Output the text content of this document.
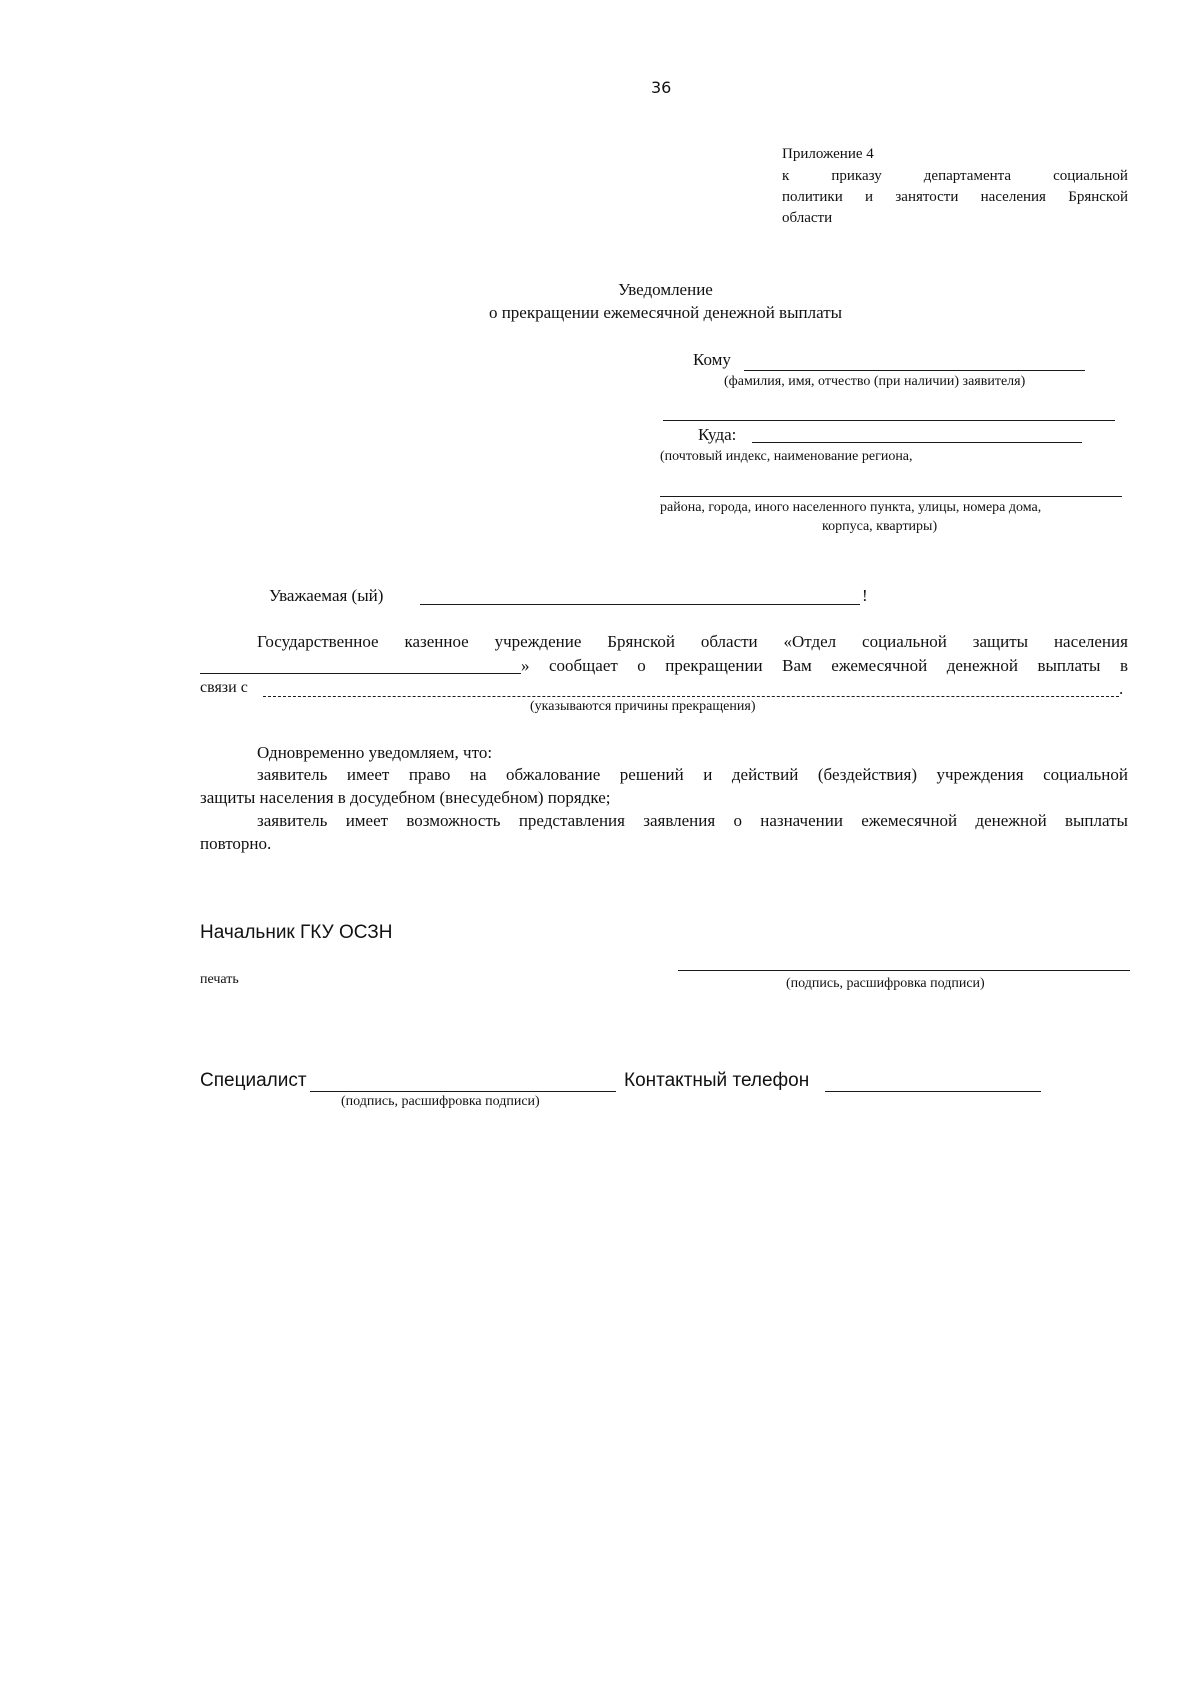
36
Приложение 4
к	приказу	департамента	социальной
политики и занятости населения Брянской
области
Уведомление
о прекращении ежемесячной денежной выплаты
Кому
(фамилия, имя, отчество (при наличии) заявителя)
Куда:
(почтовый индекс, наименование региона,
района, города, иного населенного пункта, улицы, номера дома,
корпуса, квартиры)
Уважаемая (ый)	!
Государственное казенное учреждение Брянской области «Отдел социальной защиты населения
» сообщает о прекращении Вам ежемесячной денежной выплаты в
связи с	.
(указываются причины прекращения)
Одновременно уведомляем, что:
заявитель имеет право на обжалование решений и действий (бездействия) учреждения социальной
защиты населения в досудебном (внесудебном) порядке;
заявитель имеет возможность представления заявления о назначении ежемесячной денежной выплаты
повторно.
Начальник ГКУ ОСЗН
печать	(подпись, расшифровка подписи)
Специалист
(подпись, расшифровка подписи)
Контактный телефон
